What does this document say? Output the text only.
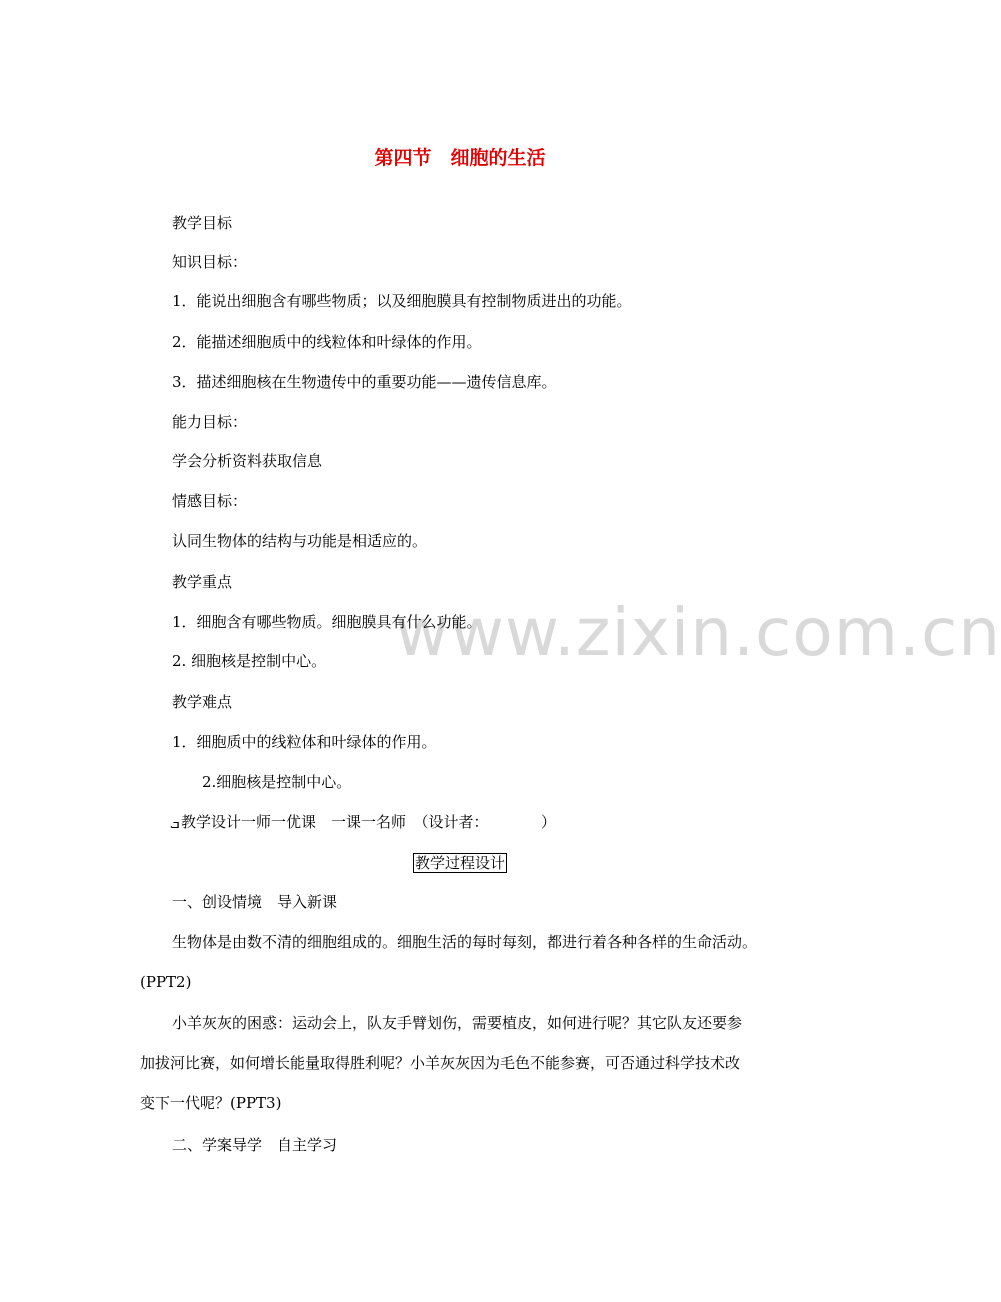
第四节　细胞的生活
www.zixin.com.cn
教学目标
知识目标：
1．能说出细胞含有哪些物质；以及细胞膜具有控制物质进出的功能。
2．能描述细胞质中的线粒体和叶绿体的作用。
3．描述细胞核在生物遗传中的重要功能——遗传信息库。
能力目标：
学会分析资料获取信息
情感目标：
认同生物体的结构与功能是相适应的。
教学重点
1．细胞含有哪些物质。细胞膜具有什么功能。
2. 细胞核是控制中心。
教学难点
1．细胞质中的线粒体和叶绿体的作用。
2.细胞核是控制中心。
ܒ 教学设计一师一优课　一课一名师　（设计者：　　　　）
教学过程设计
一、创设情境　导入新课
生物体是由数不清的细胞组成的。细胞生活的每时每刻，都进行着各种各样的生命活动。
(PPT2)
小羊灰灰的困惑：运动会上，队友手臂划伤，需要植皮，如何进行呢？其它队友还要参
加拔河比赛，如何增长能量取得胜利呢？小羊灰灰因为毛色不能参赛，可否通过科学技术改
变下一代呢？(PPT3)
二、学案导学　自主学习
